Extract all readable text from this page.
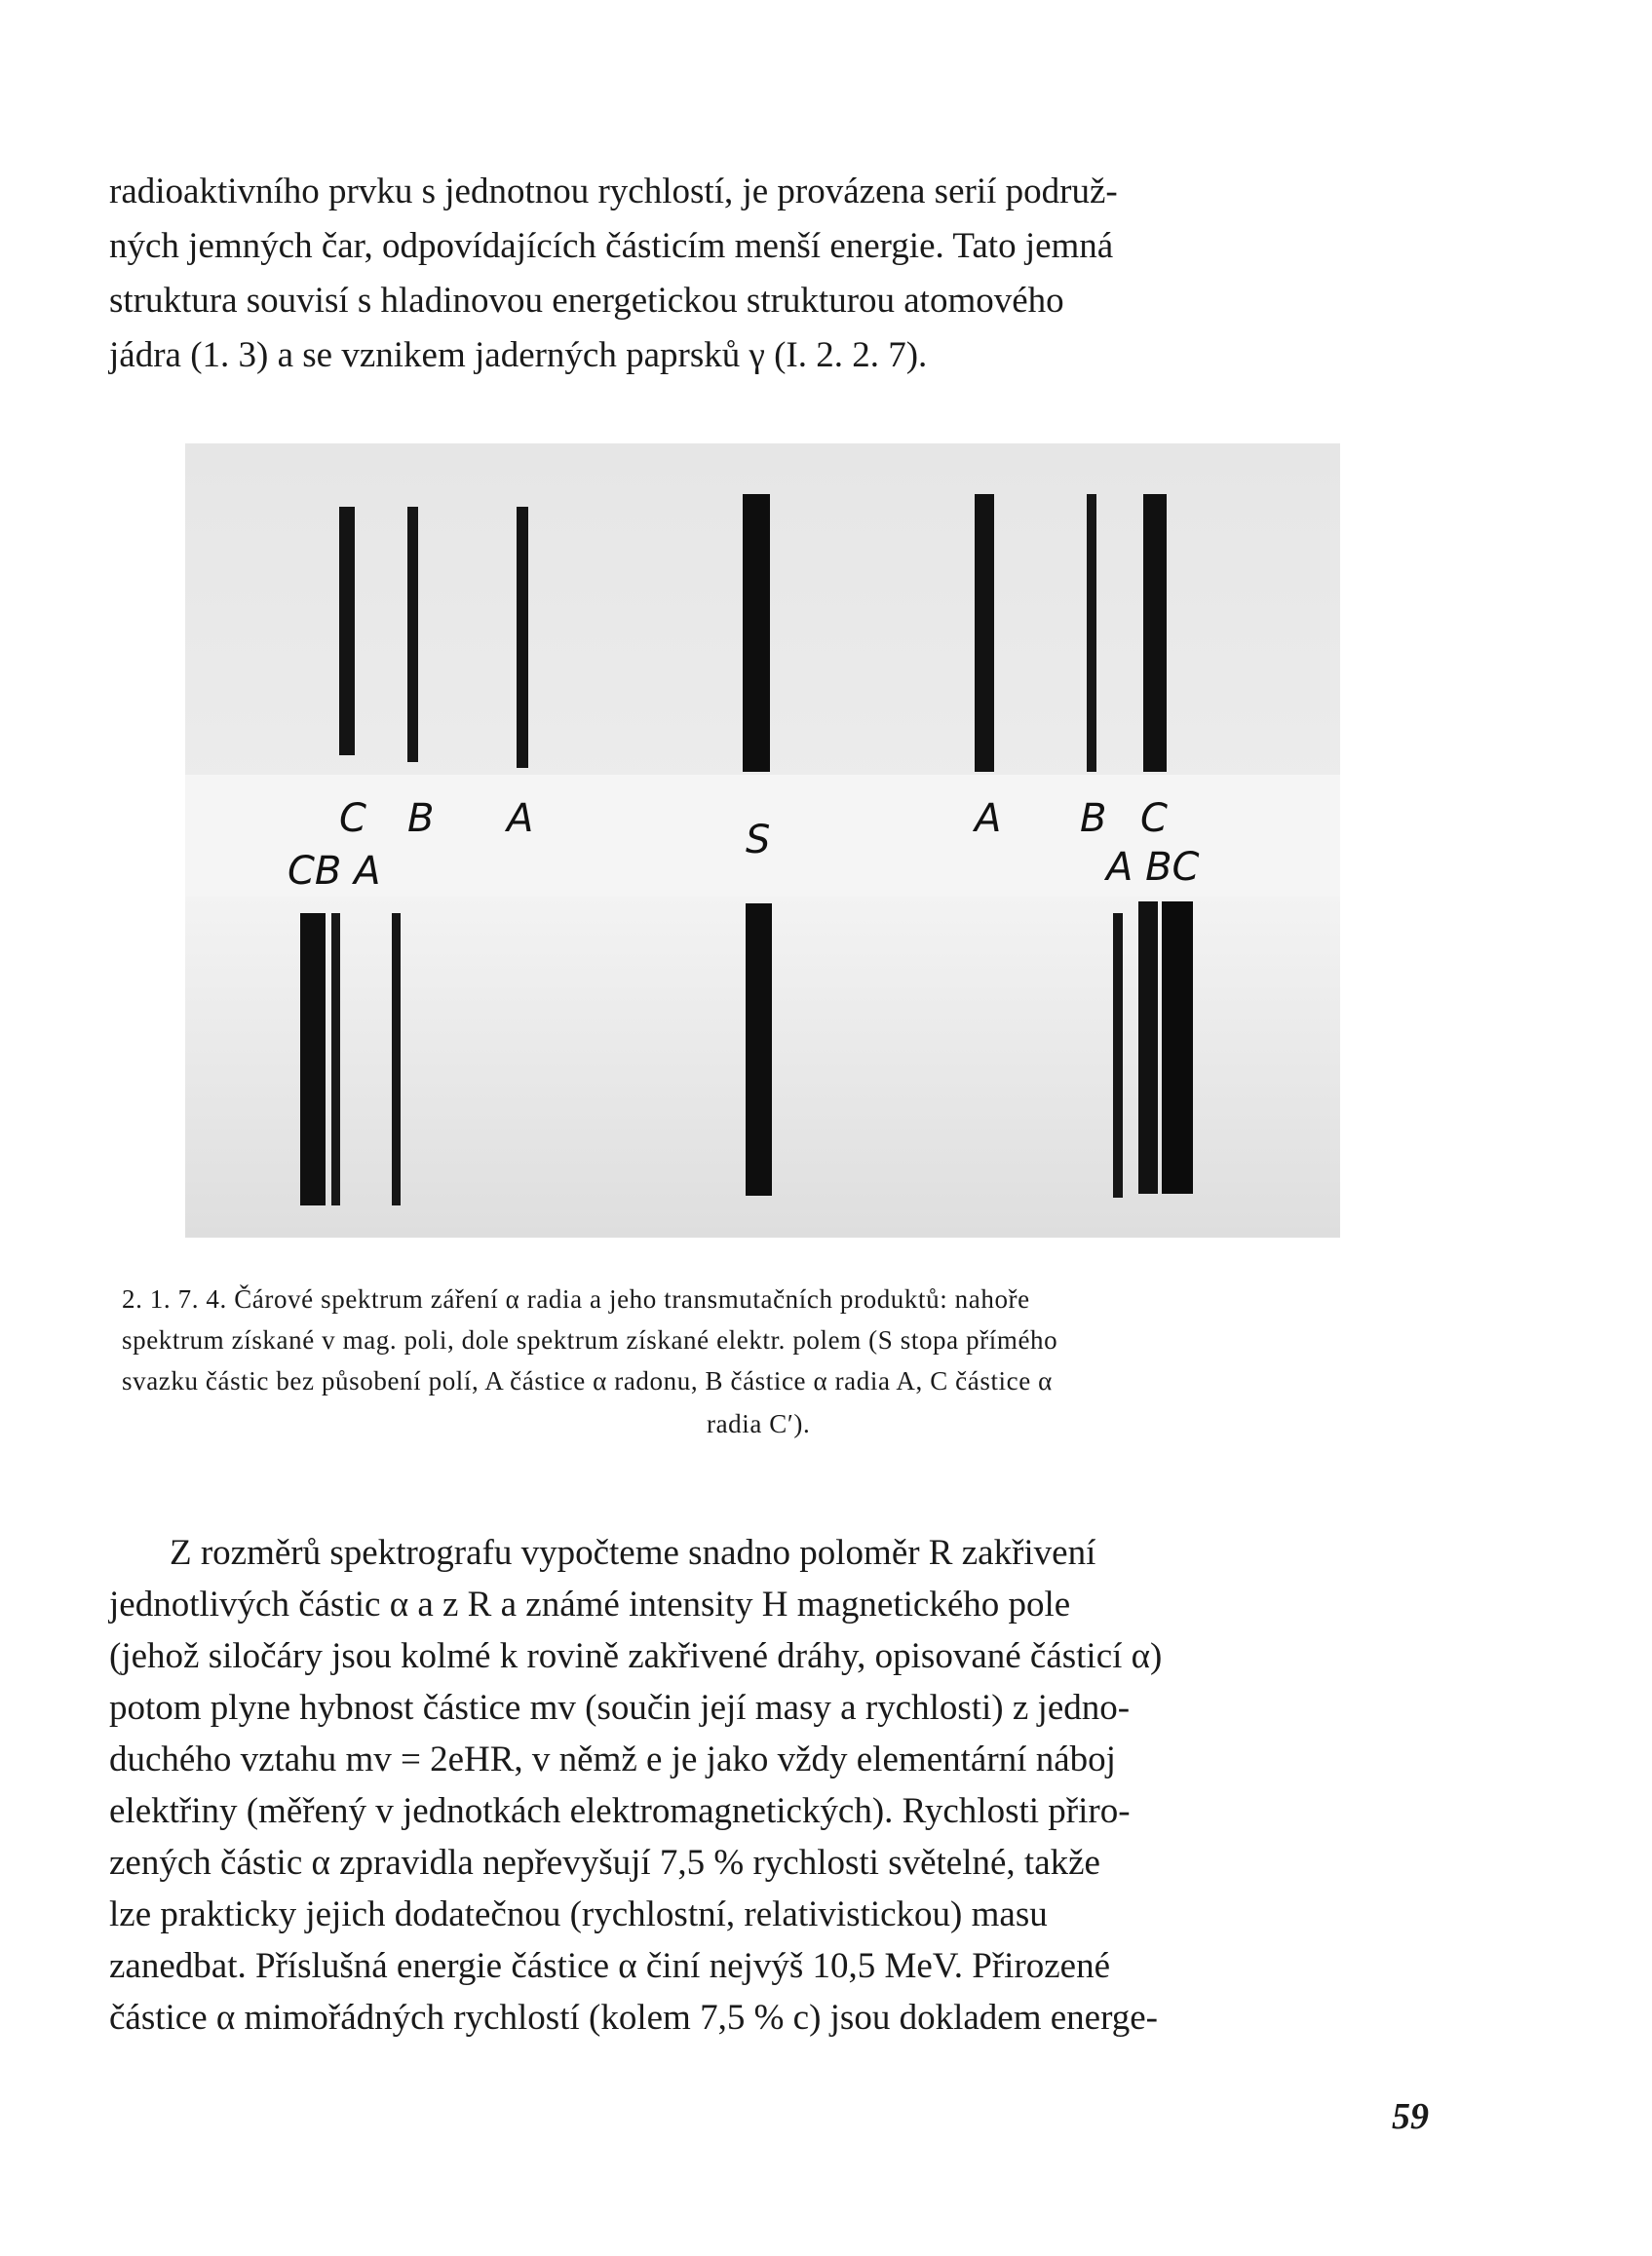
radioaktivního prvku s jednotnou rychlostí, je provázena serií podruž-
ných jemných čar, odpovídajících částicím menší energie. Tato jemná
struktura souvisí s hladinovou energetickou strukturou atomového
jádra (1. 3) a se vznikem jaderných paprsků γ (I. 2. 2. 7).
C B A	S	A B C
CB A	A BC
2. 1. 7. 4. Čárové spektrum záření α radia a jeho transmutačních produktů: nahoře
spektrum získané v mag. poli, dole spektrum získané elektr. polem (S stopa přímého
svazku částic bez působení polí, A částice α radonu, B částice α radia A, C částice α
radia C′).
Z rozměrů spektrografu vypočteme snadno poloměr R zakřivení
jednotlivých částic α a z R a známé intensity H magnetického pole
(jehož siločáry jsou kolmé k rovině zakřivené dráhy, opisované částicí α)
potom plyne hybnost částice mv (součin její masy a rychlosti) z jedno-
duchého vztahu mv = 2eHR, v němž e je jako vždy elementární náboj
elektřiny (měřený v jednotkách elektromagnetických). Rychlosti přiro-
zených částic α zpravidla nepřevyšují 7,5 % rychlosti světelné, takže
lze prakticky jejich dodatečnou (rychlostní, relativistickou) masu
zanedbat. Příslušná energie částice α činí nejvýš 10,5 MeV. Přirozené
částice α mimořádných rychlostí (kolem 7,5 % c) jsou dokladem energe-
59
